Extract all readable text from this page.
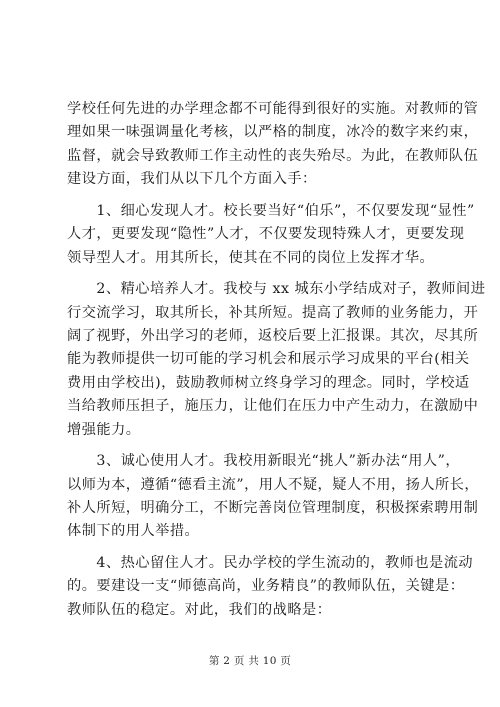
学校任何先进的办学理念都不可能得到很好的实施。对教师的管
理如果一味强调量化考核，以严格的制度，冰冷的数字来约束，
监督，就会导致教师工作主动性的丧失殆尽。为此，在教师队伍
建设方面，我们从以下几个方面入手：

　　1、细心发现人才。校长要当好“伯乐”，不仅要发现“显性”
人才，更要发现“隐性”人才，不仅要发现特殊人才，更要发现
领导型人才。用其所长，使其在不同的岗位上发挥才华。

　　2、精心培养人才。我校与 xx 城东小学结成对子，教师间进
行交流学习，取其所长，补其所短。提高了教师的业务能力，开
阔了视野，外出学习的老师，返校后要上汇报课。其次，尽其所
能为教师提供一切可能的学习机会和展示学习成果的平台(相关
费用由学校出)，鼓励教师树立终身学习的理念。同时，学校适
当给教师压担子，施压力，让他们在压力中产生动力，在激励中
增强能力。

　　3、诚心使用人才。我校用新眼光“挑人”新办法“用人”，
以师为本，遵循“德看主流”，用人不疑，疑人不用，扬人所长，
补人所短，明确分工，不断完善岗位管理制度，积极探索聘用制
体制下的用人举措。

　　4、热心留住人才。民办学校的学生流动的，教师也是流动
的。要建设一支“师德高尚，业务精良”的教师队伍，关键是：
教师队伍的稳定。对此，我们的战略是：

第 2 页 共 10 页
